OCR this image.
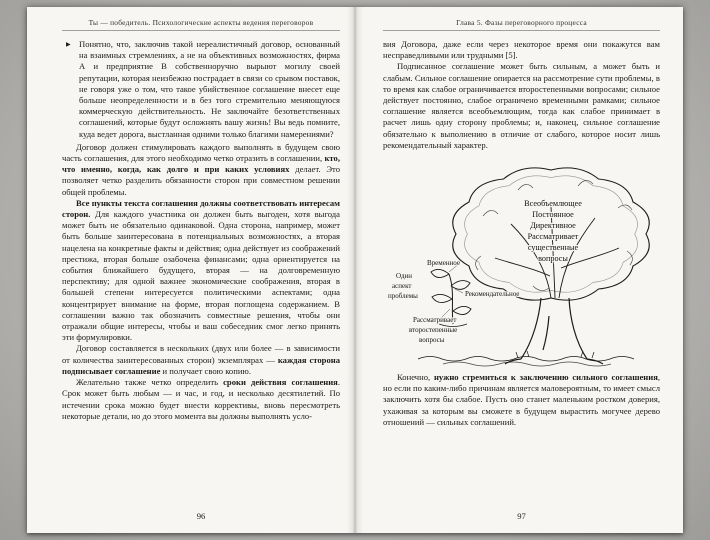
Ты — победитель. Психологические аспекты ведения переговоров

▶ Понятно, что, заключив такой нереалистичный договор, основанный на взаимных стремлениях, а не на объективных возможностях, фирма А и предприятие В собственноручно вырыют могилу своей репутации, которая неизбежно пострадает в связи со срывом поставок, не говоря уже о том, что такое убийственное соглашение внесет еще больше неопределенности и в без того стремительно меняющуюся коммерческую действительность. Не заключайте безответственных соглашений, которые будут осложнять вашу жизнь! Вы ведь помните, куда ведет дорога, выстланная одними только благими намерениями?

Договор должен стимулировать каждого выполнять в будущем свою часть соглашения, для этого необходимо четко отразить в соглашении, кто, что именно, когда, как долго и при каких условиях делает. Это позволяет четко разделить обязанности сторон при совместном решении общей проблемы.

Все пункты текста соглашения должны соответствовать интересам сторон. Для каждого участника он должен быть выгоден, хотя выгода может быть не обязательно одинаковой. Одна сторона, например, может быть больше заинтересована в потенциальных возможностях, а вторая нацелена на конкретные факты и действия; одна действует из соображений престижа, вторая больше озабочена финансами; одна ориентируется на события ближайшего будущего, вторая — на долговременную перспективу; для одной важнее экономические соображения, вторая в большей степени интересуется политическими аспектами; одна концентрирует внимание на форме, вторая поглощена содержанием. В соглашении важно так обозначить совместные решения, чтобы они отражали общие интересы, чтобы и ваш собеседник смог легко принять эти формулировки.

Договор составляется в нескольких (двух или более — в зависимости от количества заинтересованных сторон) экземплярах — каждая сторона подписывает соглашение и получает свою копию.

Желательно также четко определить сроки действия соглашения. Срок может быть любым — и час, и год, и несколько десятилетий. По истечении срока можно будет внести коррективы, вновь пересмотреть некоторые детали, но до этого момента вы должны выполнять усло-

96
Глава 5. Фазы переговорного процесса

вия Договора, даже если через некоторое время они покажутся вам несправедливыми или трудными [5].

Подписанное соглашение может быть сильным, а может быть и слабым. Сильное соглашение опирается на рассмотрение сути проблемы, в то время как слабое ограничивается второстепенными вопросами; сильное действует постоянно, слабое ограничено временными рамками; сильное соглашение является всеобъемлющим, тогда как слабое принимает в расчет лишь одну сторону проблемы; и, наконец, сильное соглашение обязательно к выполнению в отличие от слабого, которое носит лишь рекомендательный характер.

Всеобъемлющее
Постоянное
Директивное
Рассматривает
существенные
вопросы
Временное
Один
аспект
проблемы	Рекомендательное
Рассматривает
второстепенные
вопросы

Конечно, нужно стремиться к заключению сильного соглашения, но если по каким-либо причинам является маловероятным, то имеет смысл заключить хотя бы слабое. Пусть оно станет маленьким ростком доверия, ухаживая за которым вы сможете в будущем вырастить могучее дерево отношений — сильных соглашений.

97
